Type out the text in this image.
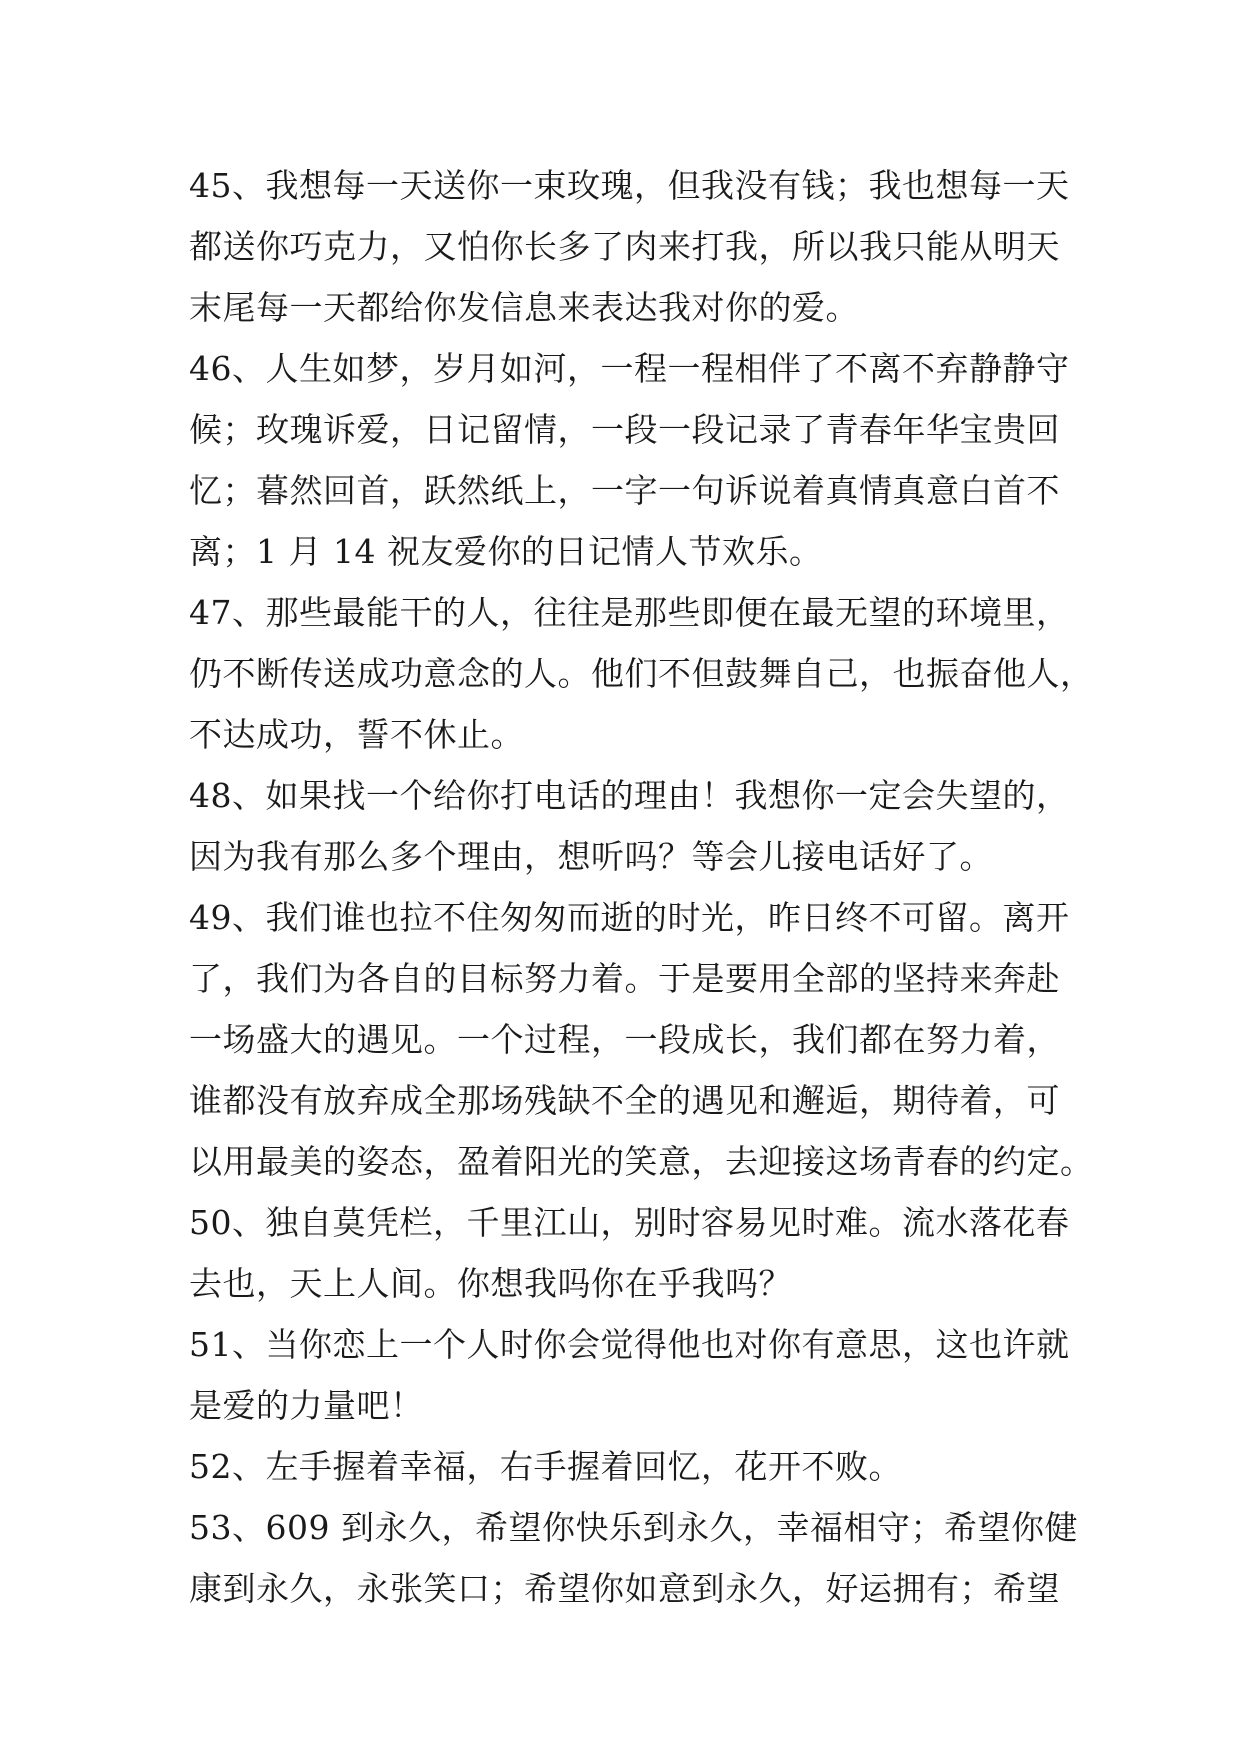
45、我想每一天送你一束玫瑰，但我没有钱；我也想每一天
都送你巧克力，又怕你长多了肉来打我，所以我只能从明天
末尾每一天都给你发信息来表达我对你的爱。
46、人生如梦，岁月如河，一程一程相伴了不离不弃静静守
候；玫瑰诉爱，日记留情，一段一段记录了青春年华宝贵回
忆；暮然回首，跃然纸上，一字一句诉说着真情真意白首不
离；1 月 14 祝友爱你的日记情人节欢乐。
47、那些最能干的人，往往是那些即便在最无望的环境里，
仍不断传送成功意念的人。他们不但鼓舞自己，也振奋他人，
不达成功，誓不休止。
48、如果找一个给你打电话的理由！我想你一定会失望的，
因为我有那么多个理由，想听吗？等会儿接电话好了。
49、我们谁也拉不住匆匆而逝的时光，昨日终不可留。离开
了，我们为各自的目标努力着。于是要用全部的坚持来奔赴
一场盛大的遇见。一个过程，一段成长，我们都在努力着，
谁都没有放弃成全那场残缺不全的遇见和邂逅，期待着，可
以用最美的姿态，盈着阳光的笑意，去迎接这场青春的约定。
50、独自莫凭栏，千里江山，别时容易见时难。流水落花春
去也，天上人间。你想我吗你在乎我吗？
51、当你恋上一个人时你会觉得他也对你有意思，这也许就
是爱的力量吧！
52、左手握着幸福，右手握着回忆，花开不败。
53、609 到永久，希望你快乐到永久，幸福相守；希望你健
康到永久，永张笑口；希望你如意到永久，好运拥有；希望
